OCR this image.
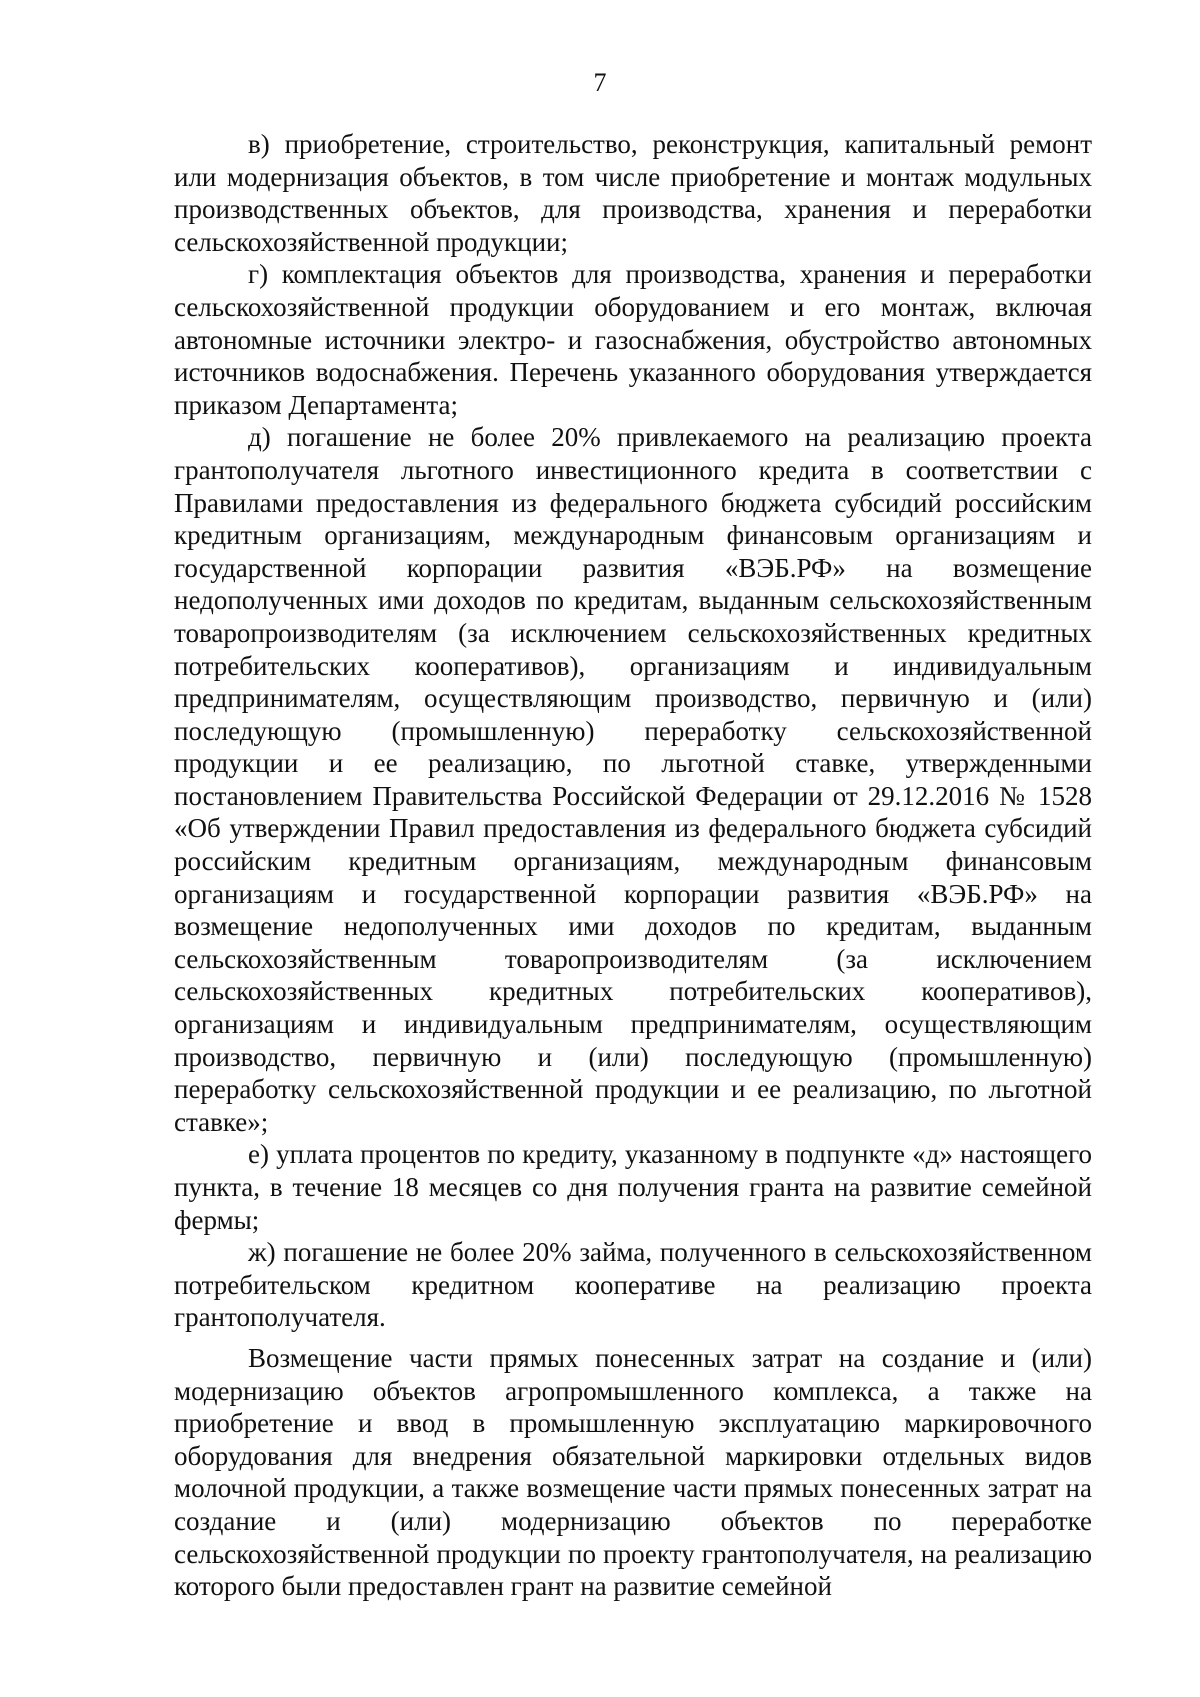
7

в) приобретение, строительство, реконструкция, капитальный ремонт или модернизация объектов, в том числе приобретение и монтаж модульных производственных объектов, для производства, хранения и переработки сельскохозяйственной продукции;

г) комплектация объектов для производства, хранения и переработки сельскохозяйственной продукции оборудованием и его монтаж, включая автономные источники электро- и газоснабжения, обустройство автономных источников водоснабжения. Перечень указанного оборудования утверждается приказом Департамента;

д) погашение не более 20% привлекаемого на реализацию проекта грантополучателя льготного инвестиционного кредита в соответствии с Правилами предоставления из федерального бюджета субсидий российским кредитным организациям, международным финансовым организациям и государственной корпорации развития «ВЭБ.РФ» на возмещение недополученных ими доходов по кредитам, выданным сельскохозяйственным товаропроизводителям (за исключением сельскохозяйственных кредитных потребительских кооперативов), организациям и индивидуальным предпринимателям, осуществляющим производство, первичную и (или) последующую (промышленную) переработку сельскохозяйственной продукции и ее реализацию, по льготной ставке, утвержденными постановлением Правительства Российской Федерации от 29.12.2016 № 1528 «Об утверждении Правил предоставления из федерального бюджета субсидий российским кредитным организациям, международным финансовым организациям и государственной корпорации развития «ВЭБ.РФ» на возмещение недополученных ими доходов по кредитам, выданным сельскохозяйственным товаропроизводителям (за исключением сельскохозяйственных кредитных потребительских кооперативов), организациям и индивидуальным предпринимателям, осуществляющим производство, первичную и (или) последующую (промышленную) переработку сельскохозяйственной продукции и ее реализацию, по льготной ставке»;

е) уплата процентов по кредиту, указанному в подпункте «д» настоящего пункта, в течение 18 месяцев со дня получения гранта на развитие семейной фермы;

ж) погашение не более 20% займа, полученного в сельскохозяйственном потребительском кредитном кооперативе на реализацию проекта грантополучателя.

Возмещение части прямых понесенных затрат на создание и (или) модернизацию объектов агропромышленного комплекса, а также на приобретение и ввод в промышленную эксплуатацию маркировочного оборудования для внедрения обязательной маркировки отдельных видов молочной продукции, а также возмещение части прямых понесенных затрат на создание и (или) модернизацию объектов по переработке сельскохозяйственной продукции по проекту грантополучателя, на реализацию которого были предоставлен грант на развитие семейной
